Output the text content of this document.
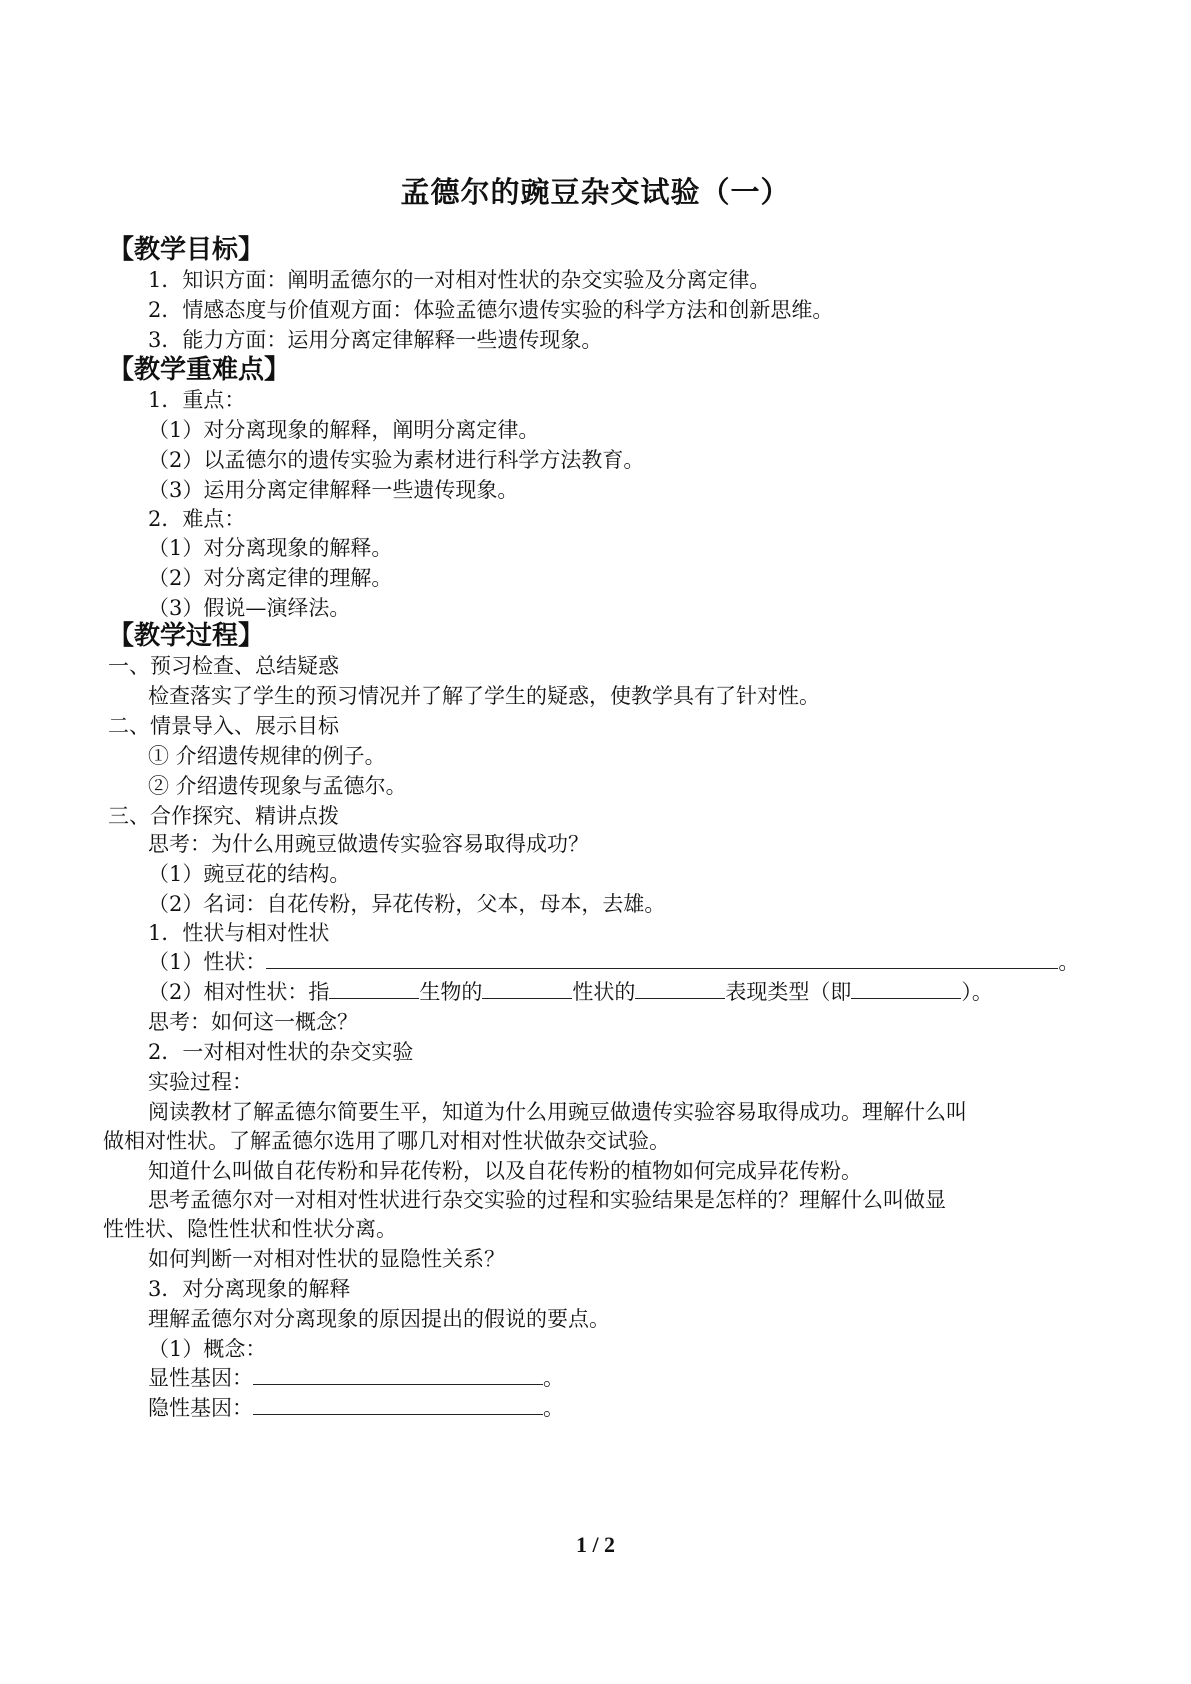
孟德尔的豌豆杂交试验（一）
【教学目标】
1．知识方面：阐明孟德尔的一对相对性状的杂交实验及分离定律。
2．情感态度与价值观方面：体验孟德尔遗传实验的科学方法和创新思维。
3．能力方面：运用分离定律解释一些遗传现象。
【教学重难点】
1．重点：
（1）对分离现象的解释，阐明分离定律。
（2）以孟德尔的遗传实验为素材进行科学方法教育。
（3）运用分离定律解释一些遗传现象。
2．难点：
（1）对分离现象的解释。
（2）对分离定律的理解。
（3）假说—演绎法。
【教学过程】
一、预习检查、总结疑惑
检查落实了学生的预习情况并了解了学生的疑惑，使教学具有了针对性。
二、情景导入、展示目标
① 介绍遗传规律的例子。
② 介绍遗传现象与孟德尔。
三、合作探究、精讲点拨
思考：为什么用豌豆做遗传实验容易取得成功？
（1）豌豆花的结构。
（2）名词：自花传粉，异花传粉，父本，母本，去雄。
1．性状与相对性状
（1）性状：	。
（2）相对性状：指	生物的	性状的	表现类型（即	）。
思考：如何这一概念？
2．一对相对性状的杂交实验
实验过程：
阅读教材了解孟德尔简要生平，知道为什么用豌豆做遗传实验容易取得成功。理解什么叫
做相对性状。了解孟德尔选用了哪几对相对性状做杂交试验。
知道什么叫做自花传粉和异花传粉，以及自花传粉的植物如何完成异花传粉。
思考孟德尔对一对相对性状进行杂交实验的过程和实验结果是怎样的？理解什么叫做显
性性状、隐性性状和性状分离。
如何判断一对相对性状的显隐性关系？
3．对分离现象的解释
理解孟德尔对分离现象的原因提出的假说的要点。
（1）概念：
显性基因：	。
隐性基因：	。
1 / 2
